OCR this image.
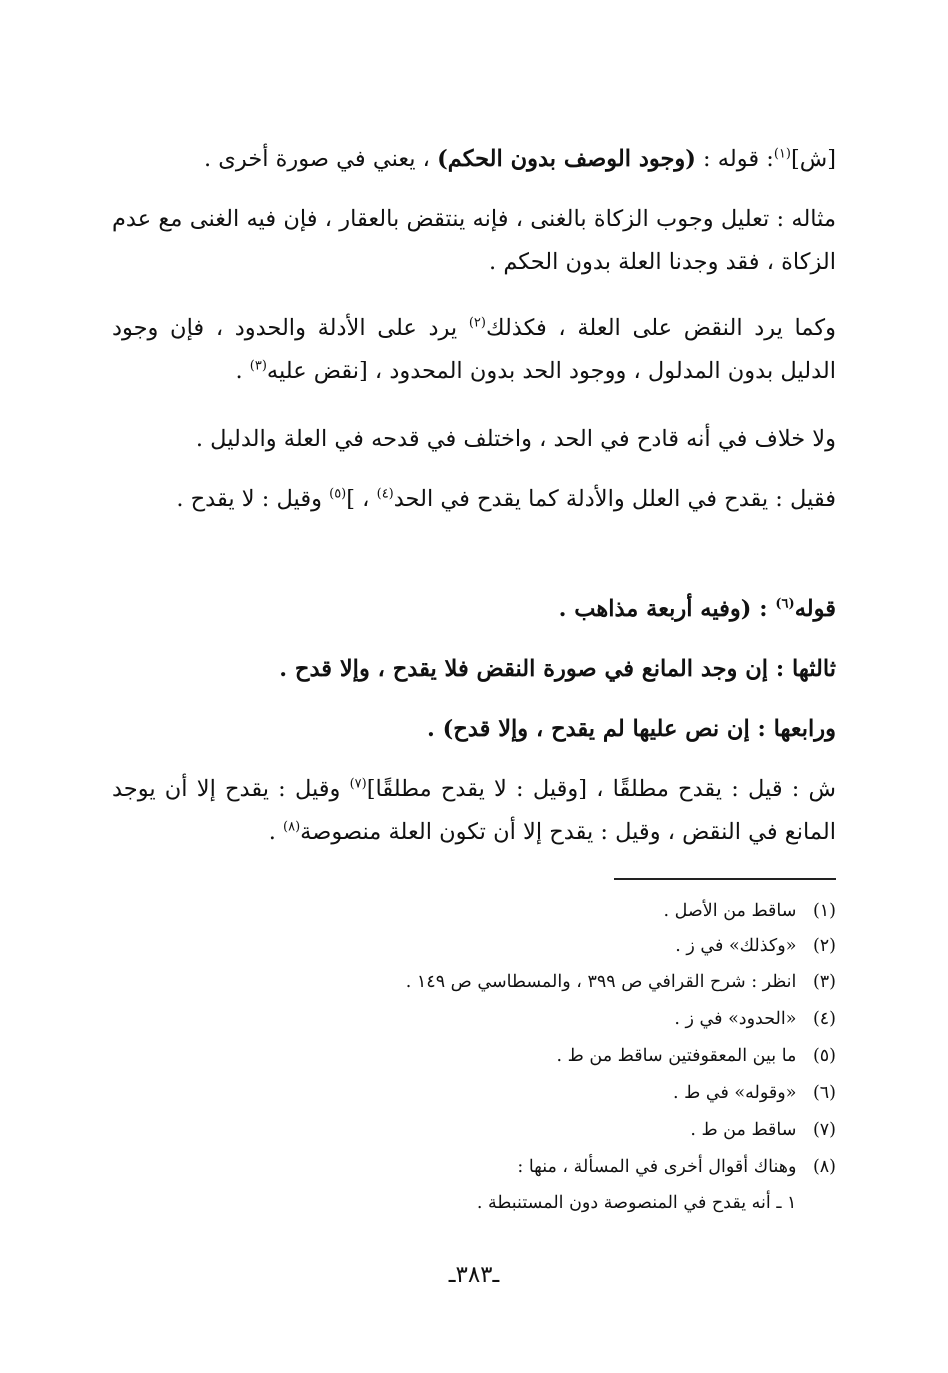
[ش]$^{(١)}$: قوله : (وجود الوصف بدون الحكم) ، يعني في صورة أخرى .

مثاله : تعليل وجوب الزكاة بالغنى ، فإنه ينتقض بالعقار ، فإن فيه الغنى مع عدم الزكاة ، فقد وجدنا العلة بدون الحكم .

وكما يرد النقض على العلة ، فكذلك$^{(٢)}$ يرد على الأدلة والحدود ، فإن وجود الدليل بدون المدلول ، ووجود الحد بدون المحدود ، [نقض عليه$^{(٣)}$ .

ولا خلاف في أنه قادح في الحد ، واختلف في قدحه في العلة والدليل .

فقيل : يقدح في العلل والأدلة كما يقدح في الحد$^{(٤)}$ ، ]$^{(٥)}$ وقيل : لا يقدح .

قوله$^{(٦)}$ : (وفيه أربعة مذاهب .

ثالثها : إن وجد المانع في صورة النقض فلا يقدح ، وإلا قدح .

ورابعها : إن نص عليها لم يقدح ، وإلا قدح) .

ش : قيل : يقدح مطلقًا ، [وقيل : لا يقدح مطلقًا]$^{(٧)}$ وقيل : يقدح إلا أن يوجد المانع في النقض ، وقيل : يقدح إلا أن تكون العلة منصوصة$^{(٨)}$ .

(١) ساقط من الأصل .
(٢) «وكذلك» في ز .
(٣) انظر : شرح القرافي ص ٣٩٩ ، والمسطاسي ص ١٤٩ .
(٤) «الحدود» في ز .
(٥) ما بين المعقوفتين ساقط من ط .
(٦) «وقوله» في ط .
(٧) ساقط من ط .
(٨) وهناك أقوال أخرى في المسألة ، منها :
١ ـ أنه يقدح في المنصوصة دون المستنبطة .
ـ٣٨٣ـ
